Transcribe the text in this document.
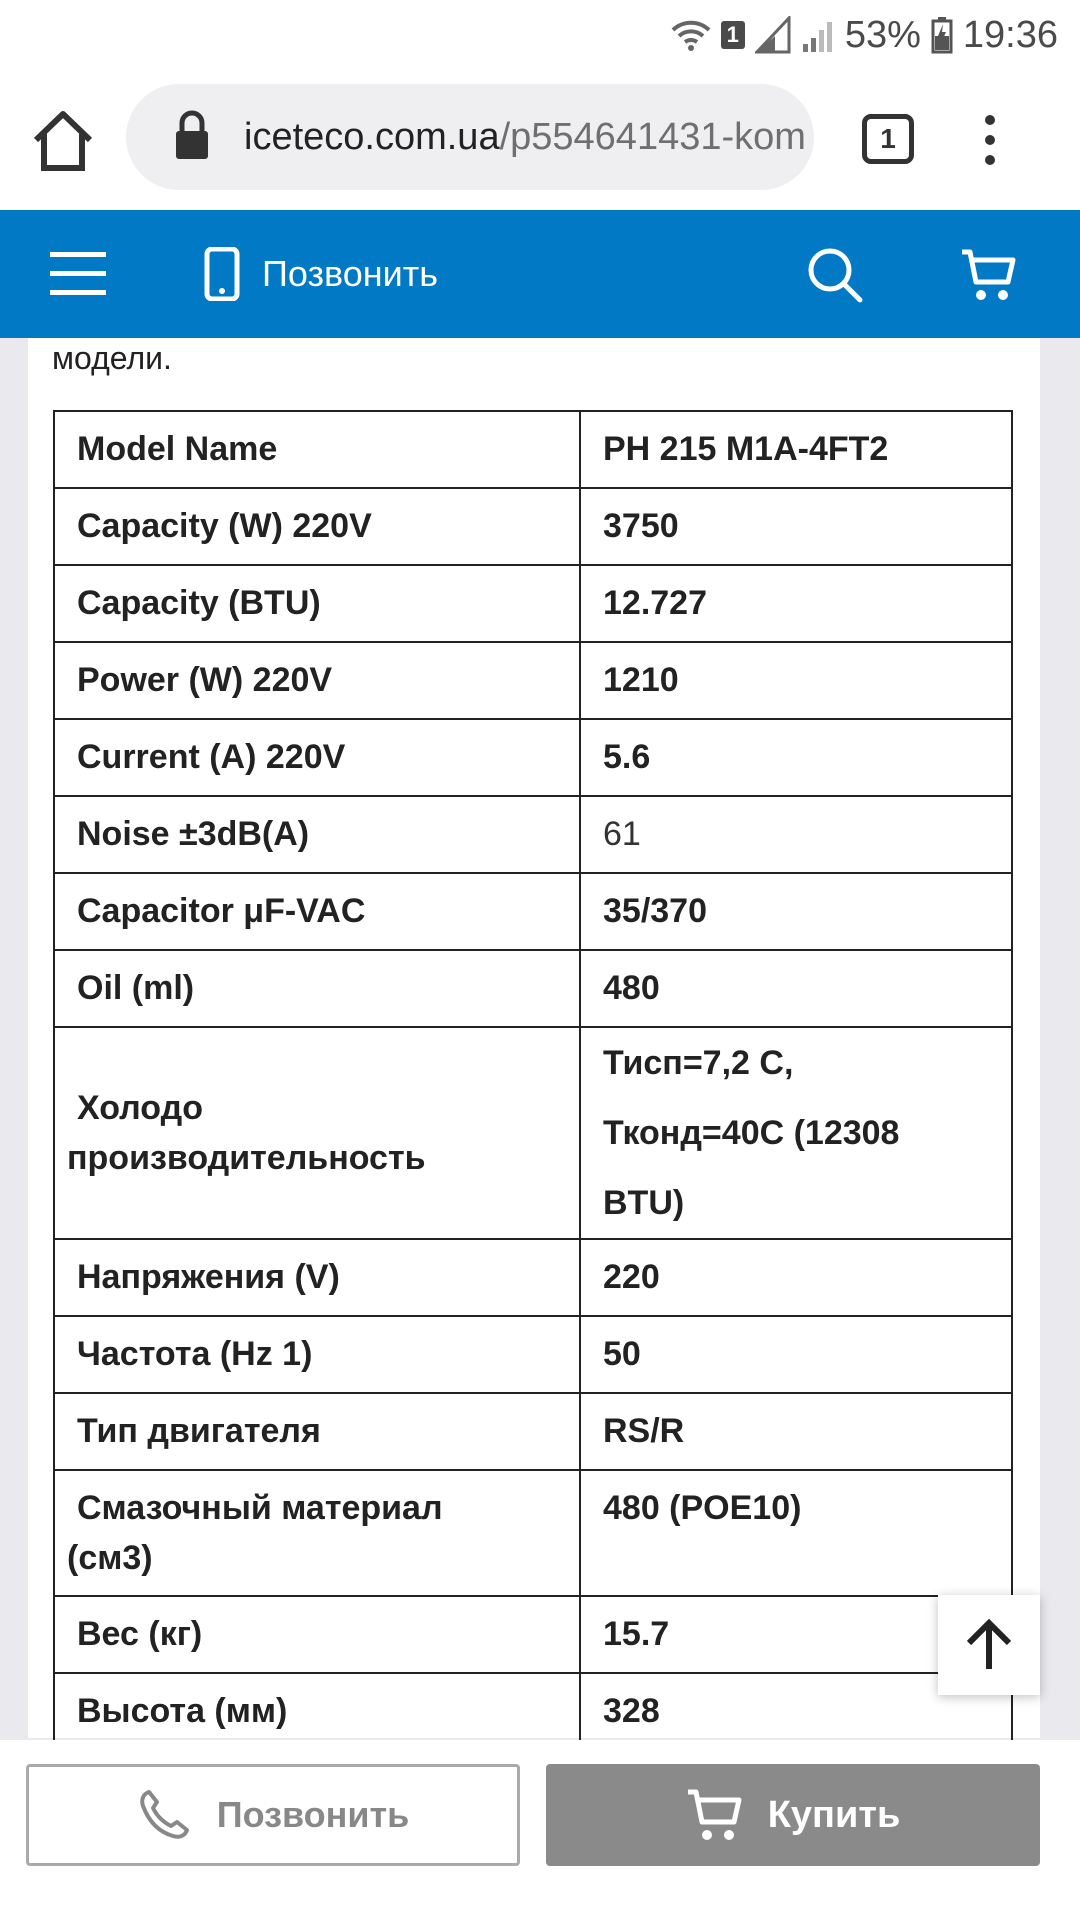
1	53% 19:36
iceteco.com.ua/p554641431-kom	1
Позвонить
модели.
Model Name	PH 215 M1A-4FT2
Capacity (W) 220V	3750
Capacity (BTU)	12.727
Power (W) 220V	1210
Current (A) 220V	5.6
Noise ±3dB(A)	61
Capacitor μF-VAC	35/370
Oil (ml)	480

Холодо
производительность	Тисп=7,2 С,
Тконд=40С (12308 BTU)

Напряжения (V)	220
Частота (Hz 1)	50
Тип двигателя	RS/R

Смазочный материал
(см3)	480 (POE10)
Вес (кг)	15.7
Высота (мм)	328
Позвонить	Купить
